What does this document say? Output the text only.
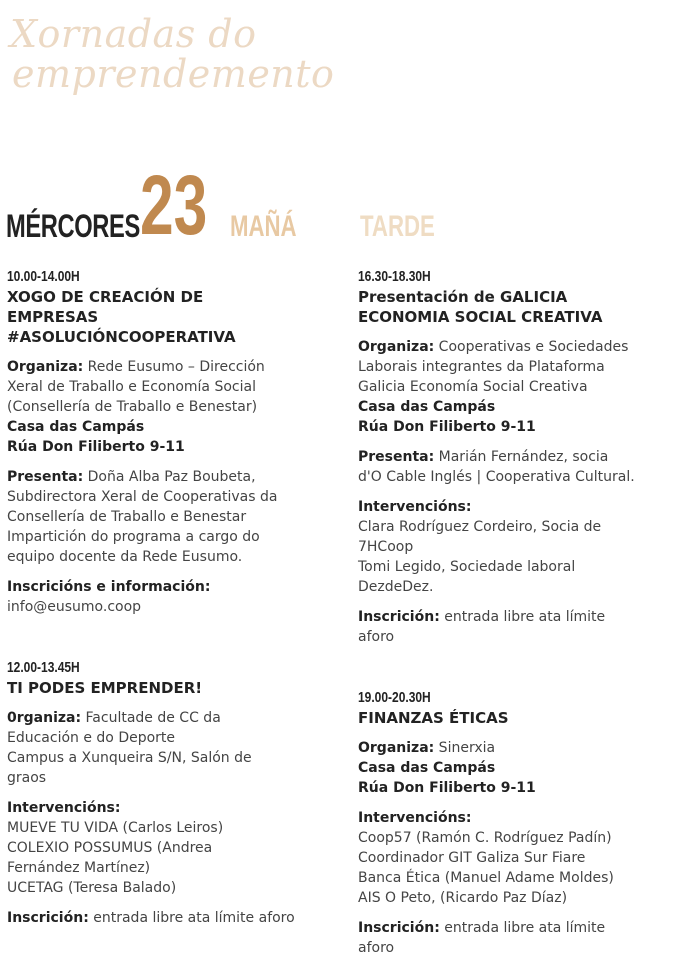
Xornadas do
emprendemento
MÉRCORES 23 MAÑÁ TARDE
10.00-14.00H
XOGO DE CREACIÓN DE
EMPRESAS
#ASOLUCIÓNCOOPERATIVA
Organiza: Rede Eusumo – Dirección
Xeral de Traballo e Economía Social
(Consellería de Traballo e Benestar)
Casa das Campás
Rúa Don Filiberto 9-11
Presenta: Doña Alba Paz Boubeta,
Subdirectora Xeral de Cooperativas da
Consellería de Traballo e Benestar
Impartición do programa a cargo do
equipo docente da Rede Eusumo.
Inscricións e información:
info@eusumo.coop
12.00-13.45H
TI PODES EMPRENDER!
0rganiza: Facultade de CC da
Educación e do Deporte
Campus a Xunqueira S/N, Salón de
graos
Intervencións:
MUEVE TU VIDA (Carlos Leiros)
COLEXIO POSSUMUS (Andrea
Fernández Martínez)
UCETAG (Teresa Balado)
Inscrición: entrada libre ata límite aforo
16.30-18.30H
Presentación de GALICIA
ECONOMIA SOCIAL CREATIVA
Organiza: Cooperativas e Sociedades
Laborais integrantes da Plataforma
Galicia Economía Social Creativa
Casa das Campás
Rúa Don Filiberto 9-11
Presenta: Marián Fernández, socia
d'O Cable Inglés | Cooperativa Cultural.
Intervencións:
Clara Rodríguez Cordeiro, Socia de
7HCoop
Tomi Legido, Sociedade laboral
DezdeDez.
Inscrición: entrada libre ata límite
aforo
19.00-20.30H
FINANZAS ÉTICAS
Organiza: Sinerxia
Casa das Campás
Rúa Don Filiberto 9-11
Intervencións:
Coop57 (Ramón C. Rodríguez Padín)
Coordinador GIT Galiza Sur Fiare
Banca Ética (Manuel Adame Moldes)
AIS O Peto, (Ricardo Paz Díaz)
Inscrición: entrada libre ata límite
aforo
